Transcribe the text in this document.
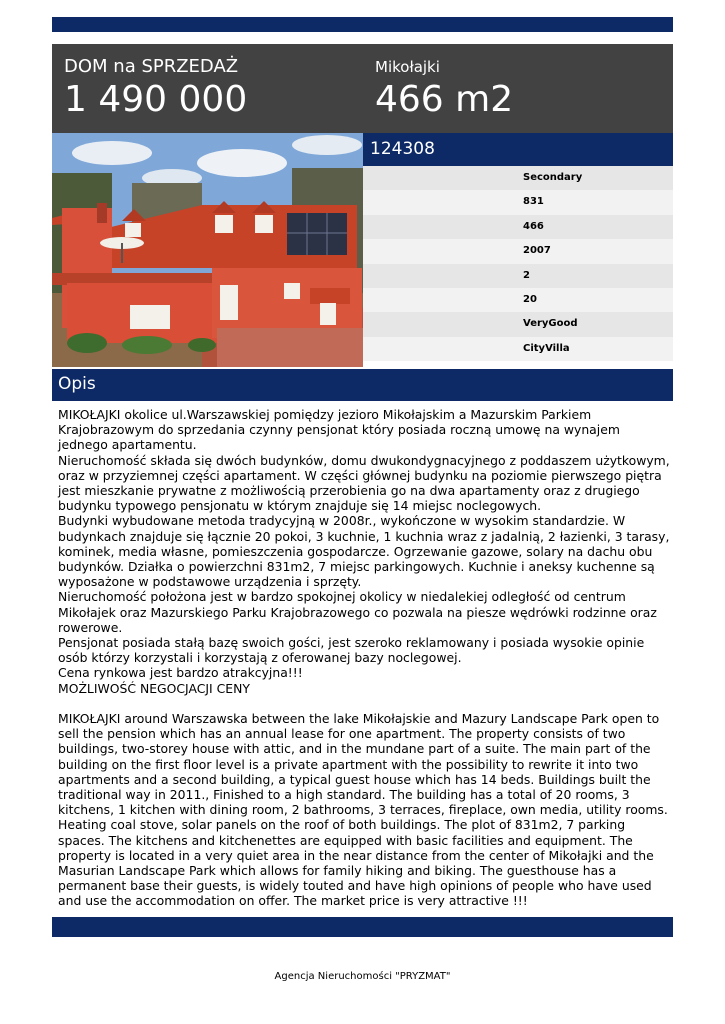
DOM na SPRZEDAŻ
1 490 000
Mikołajki
466 m2
124308
Secondary
831
466
2007
2
20
VeryGood
CityVilla
Opis

MIKOŁAJKI okolice ul.Warszawskiej pomiędzy jezioro Mikołajskim a Mazurskim Parkiem Krajobrazowym do sprzedania czynny pensjonat który posiada roczną umowę na wynajem jednego apartamentu.

Nieruchomość składa się dwóch budynków, domu dwukondygnacyjnego z poddaszem użytkowym, oraz w przyziemnej części apartament. W części głównej budynku na poziomie pierwszego piętra jest mieszkanie prywatne z możliwością przerobienia go na dwa apartamenty oraz z drugiego budynku typowego pensjonatu w którym znajduje się 14 miejsc noclegowych.

Budynki wybudowane metoda tradycyjną w 2008r., wykończone w wysokim standardzie. W budynkach znajduje się łącznie 20 pokoi, 3 kuchnie, 1 kuchnia wraz z jadalnią, 2 łazienki, 3 tarasy, kominek, media własne, pomieszczenia gospodarcze. Ogrzewanie gazowe, solary na dachu obu budynków. Działka o powierzchni 831m2, 7 miejsc parkingowych. Kuchnie i aneksy kuchenne są wyposażone w podstawowe urządzenia i sprzęty.

Nieruchomość położona jest w bardzo spokojnej okolicy w niedalekiej odległość od centrum Mikołajek oraz Mazurskiego Parku Krajobrazowego co pozwala na piesze wędrówki rodzinne oraz rowerowe.

Pensjonat posiada stałą bazę swoich gości, jest szeroko reklamowany i posiada wysokie opinie osób którzy korzystali i korzystają z oferowanej bazy noclegowej.

Cena rynkowa jest bardzo atrakcyjna!!!

MOŻLIWOŚĆ NEGOCJACJI CENY

MIKOŁAJKI around Warszawska between the lake Mikołajskie and Mazury Landscape Park open to sell the pension which has an annual lease for one apartment. The property consists of two buildings, two-storey house with attic, and in the mundane part of a suite. The main part of the building on the first floor level is a private apartment with the possibility to rewrite it into two apartments and a second building, a typical guest house which has 14 beds. Buildings built the traditional way in 2011., Finished to a high standard. The building has a total of 20 rooms, 3 kitchens, 1 kitchen with dining room, 2 bathrooms, 3 terraces, fireplace, own media, utility rooms. Heating coal stove, solar panels on the roof of both buildings. The plot of 831m2, 7 parking spaces. The kitchens and kitchenettes are equipped with basic facilities and equipment. The property is located in a very quiet area in the near distance from the center of Mikołajki and the Masurian Landscape Park which allows for family hiking and biking. The guesthouse has a permanent base their guests, is widely touted and have high opinions of people who have used and use the accommodation on offer. The market price is very attractive !!!

Agencja Nieruchomości "PRYZMAT"
